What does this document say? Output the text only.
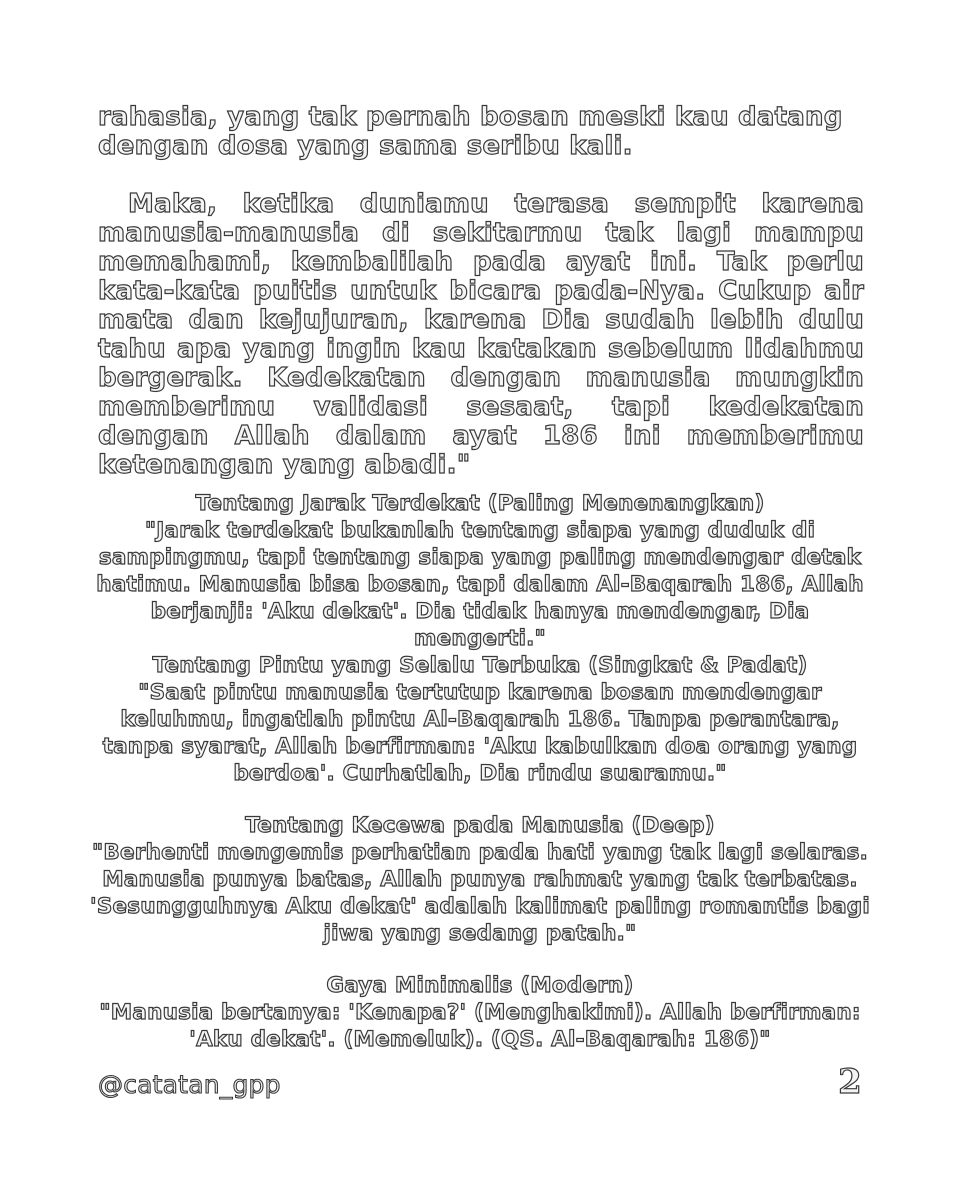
rahasia, yang tak pernah bosan meski kau datang dengan dosa yang sama seribu kali.
Maka, ketika duniamu terasa sempit karena manusia-manusia di sekitarmu tak lagi mampu memahami, kembalilah pada ayat ini. Tak perlu kata-kata puitis untuk bicara pada-Nya. Cukup air mata dan kejujuran, karena Dia sudah lebih dulu tahu apa yang ingin kau katakan sebelum lidahmu bergerak. Kedekatan dengan manusia mungkin memberimu validasi sesaat, tapi kedekatan dengan Allah dalam ayat 186 ini memberimu ketenangan yang abadi."
Tentang Jarak Terdekat (Paling Menenangkan)
"Jarak terdekat bukanlah tentang siapa yang duduk di sampingmu, tapi tentang siapa yang paling mendengar detak hatimu. Manusia bisa bosan, tapi dalam Al-Baqarah 186, Allah berjanji: 'Aku dekat'. Dia tidak hanya mendengar, Dia mengerti."
Tentang Pintu yang Selalu Terbuka (Singkat & Padat)
"Saat pintu manusia tertutup karena bosan mendengar keluhmu, ingatlah pintu Al-Baqarah 186. Tanpa perantara, tanpa syarat, Allah berfirman: 'Aku kabulkan doa orang yang berdoa'. Curhatlah, Dia rindu suaramu."
Tentang Kecewa pada Manusia (Deep)
"Berhenti mengemis perhatian pada hati yang tak lagi selaras. Manusia punya batas, Allah punya rahmat yang tak terbatas. 'Sesungguhnya Aku dekat' adalah kalimat paling romantis bagi jiwa yang sedang patah."
Gaya Minimalis (Modern)
"Manusia bertanya: 'Kenapa?' (Menghakimi). Allah berfirman: 'Aku dekat'. (Memeluk). (QS. Al-Baqarah: 186)"
@catatan_gpp	2
